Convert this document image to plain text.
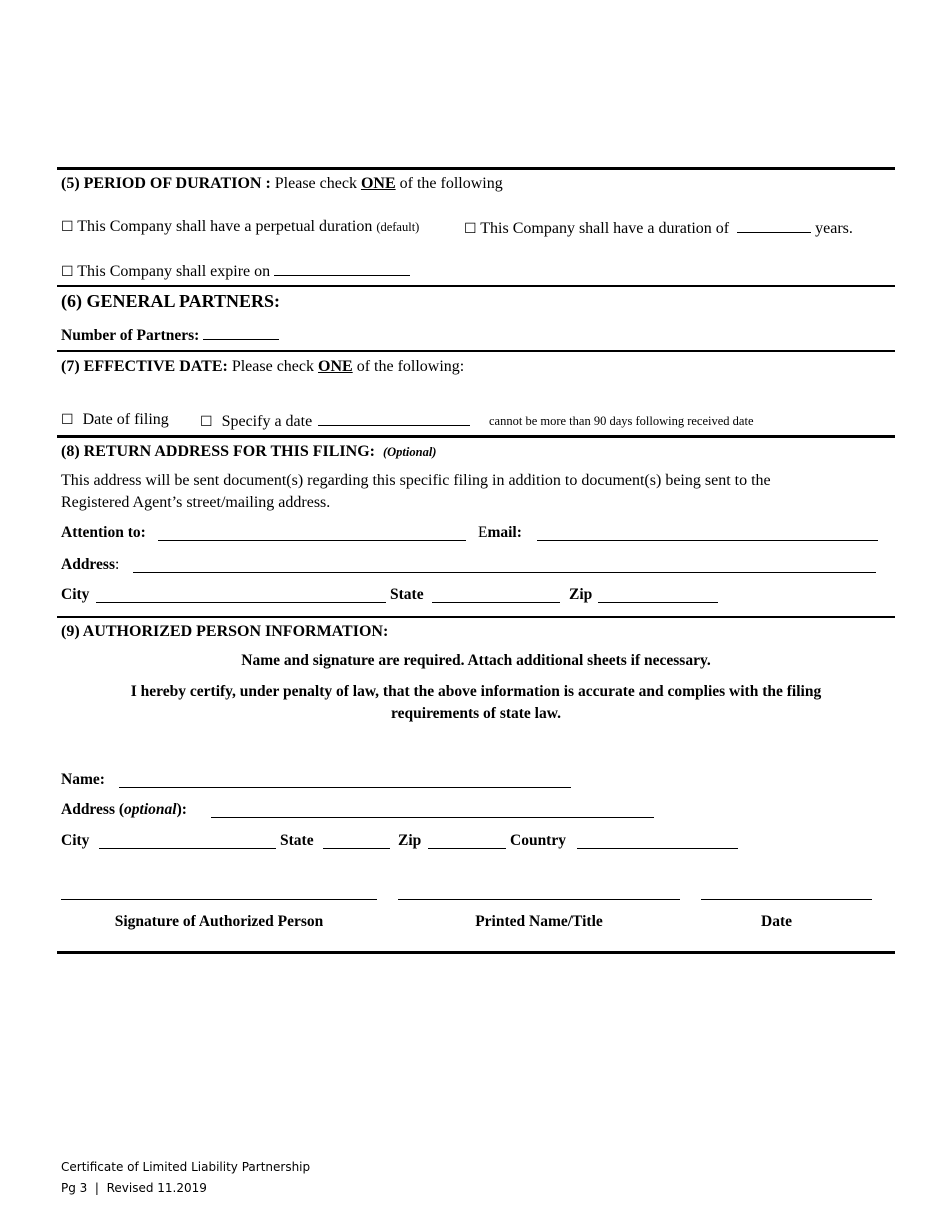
(5) PERIOD OF DURATION : Please check ONE of the following
☐ This Company shall have a perpetual duration (default)	☐ This Company shall have a duration of	years.
☐ This Company shall expire on
(6) GENERAL PARTNERS:
Number of Partners:
(7) EFFECTIVE DATE: Please check ONE of the following:
☐ Date of filing ☐ Specify a date	cannot be more than 90 days following received date
(8) RETURN ADDRESS FOR THIS FILING: (Optional)
This address will be sent document(s) regarding this specific filing in addition to document(s) being sent to the
Registered Agent’s street/mailing address.
Attention to:	Email:
Address:
City	State	Zip
(9) AUTHORIZED PERSON INFORMATION:
Name and signature are required. Attach additional sheets if necessary.
I hereby certify, under penalty of law, that the above information is accurate and complies with the filing
requirements of state law.
Name:
Address (optional):
City	State	Zip	Country
Signature of Authorized Person	Printed Name/Title	Date
Certificate of Limited Liability Partnership
Pg 3  |  Revised 11.2019
